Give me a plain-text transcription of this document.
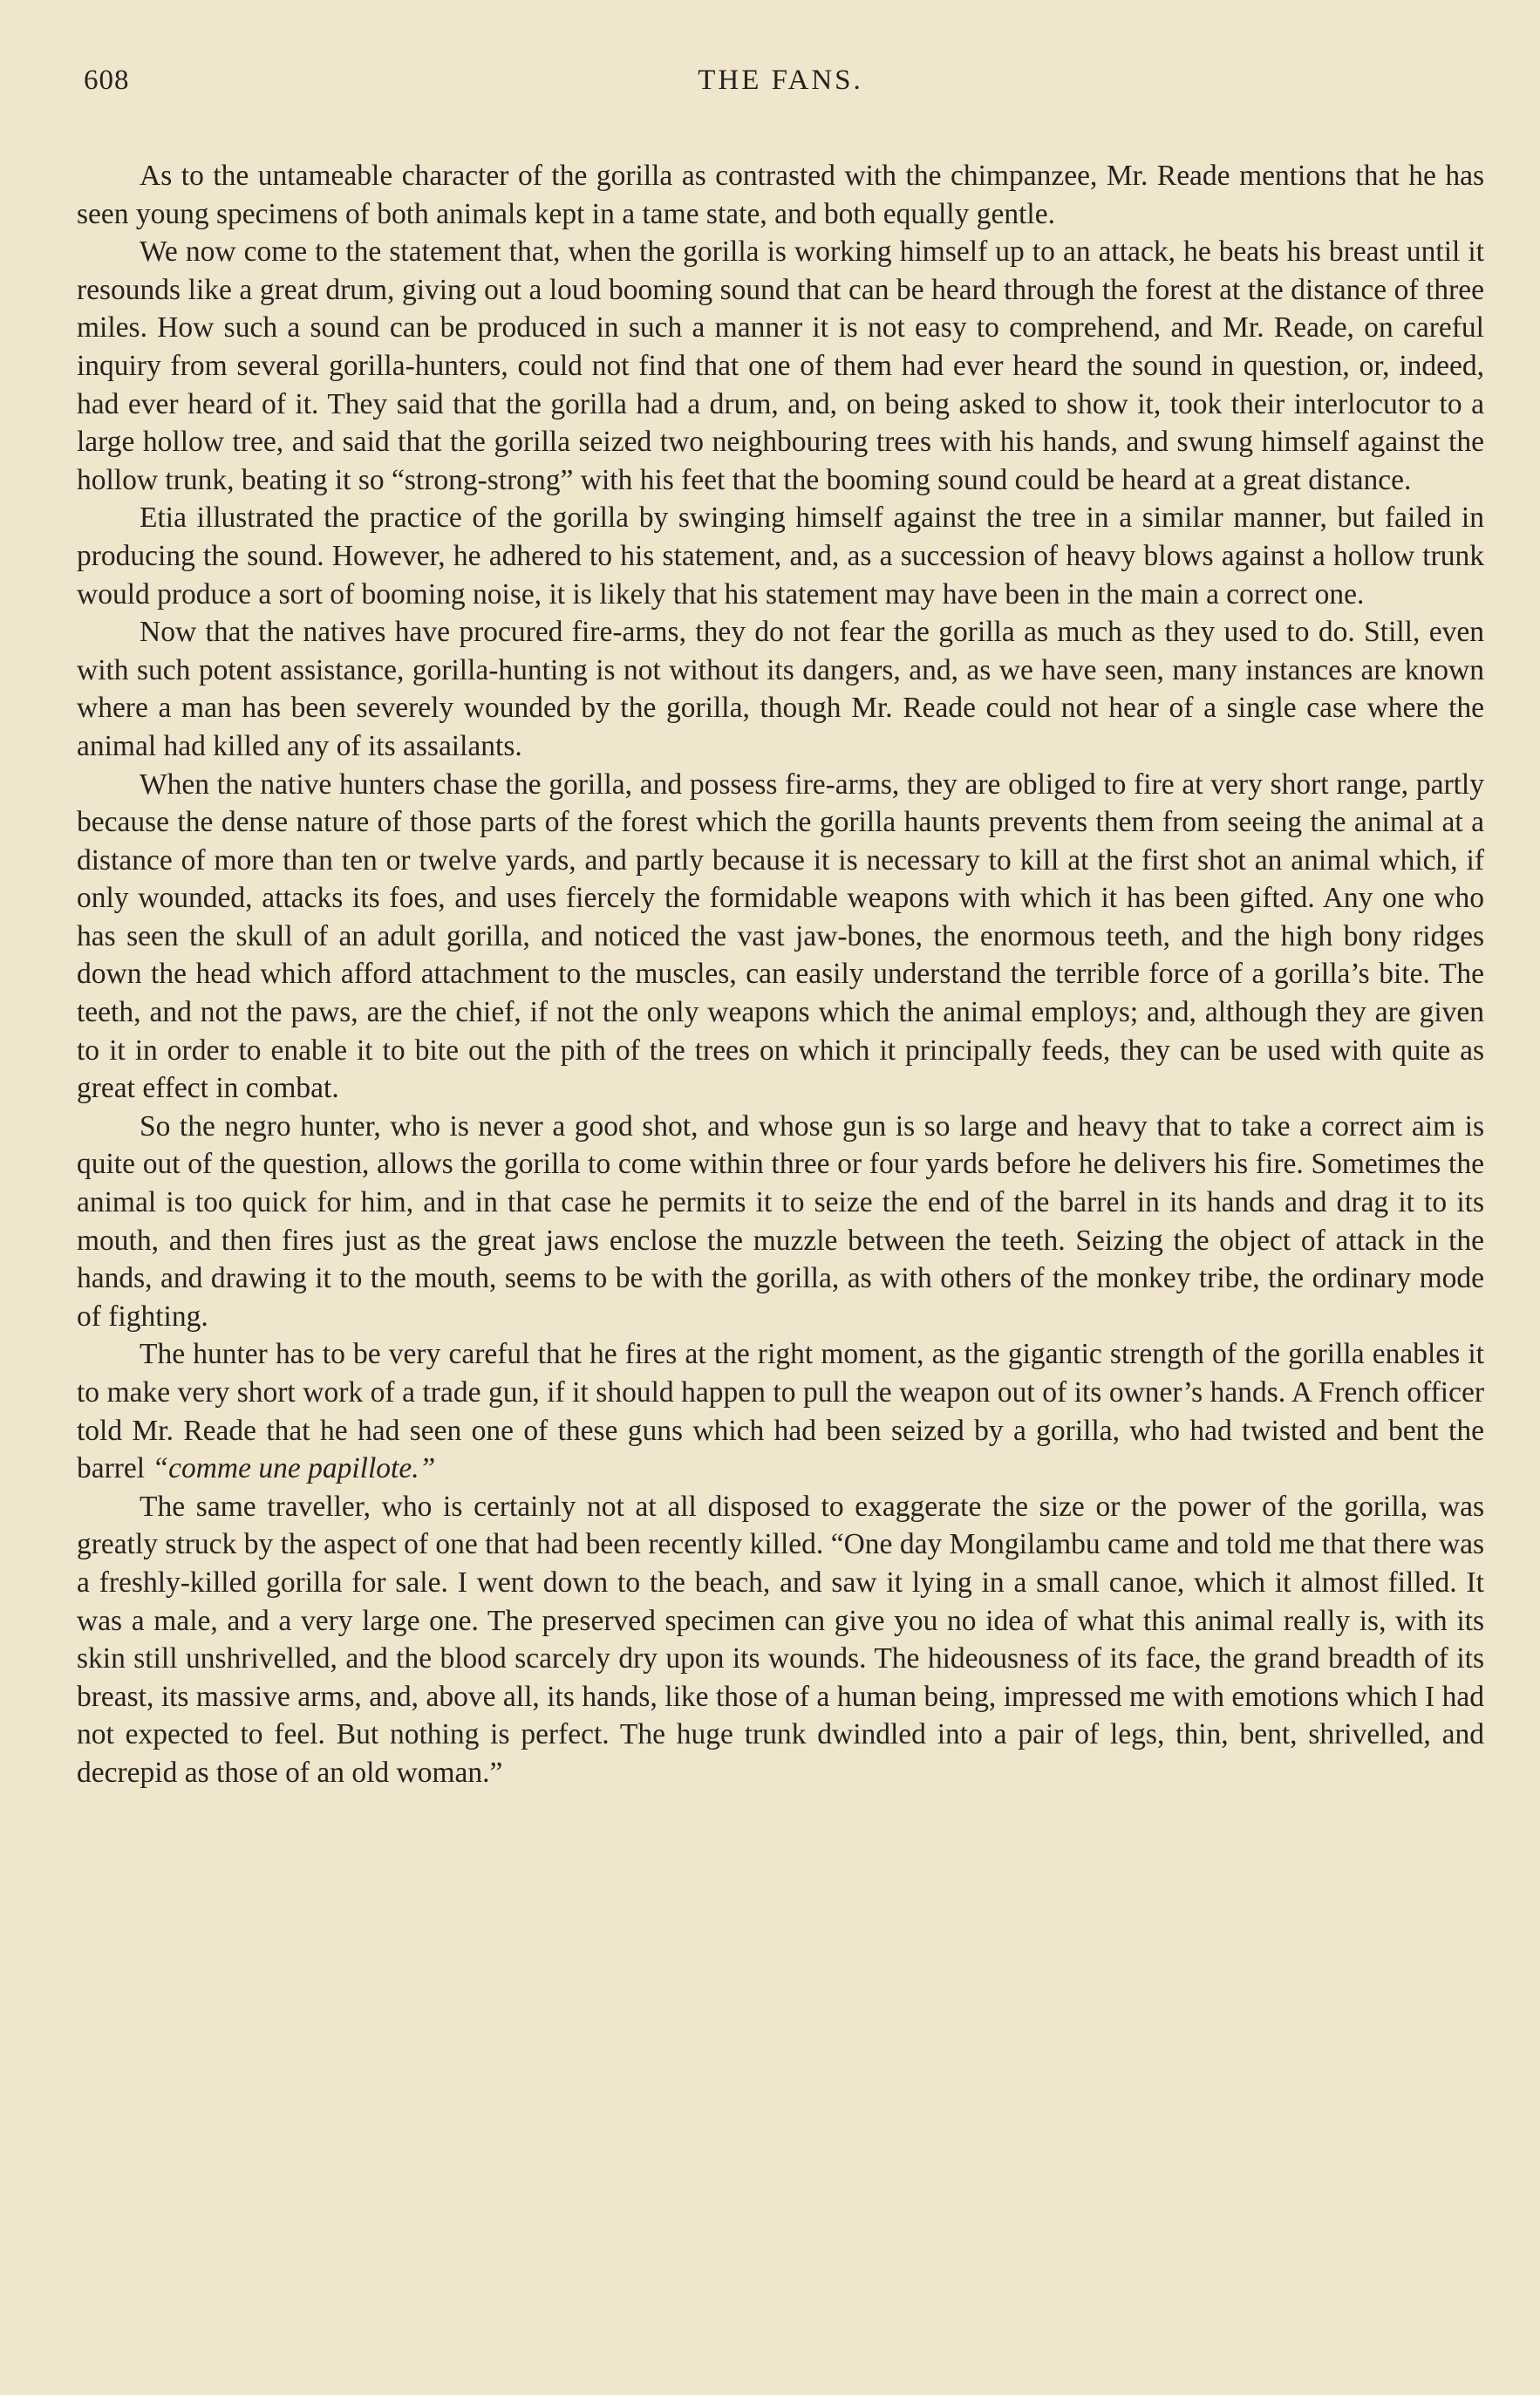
608	THE FANS.

As to the untameable character of the gorilla as contrasted with the chimpanzee, Mr. Reade mentions that he has seen young specimens of both animals kept in a tame state, and both equally gentle.

We now come to the statement that, when the gorilla is working himself up to an attack, he beats his breast until it resounds like a great drum, giving out a loud booming sound that can be heard through the forest at the distance of three miles. How such a sound can be produced in such a manner it is not easy to comprehend, and Mr. Reade, on careful inquiry from several gorilla-hunters, could not find that one of them had ever heard the sound in question, or, indeed, had ever heard of it. They said that the gorilla had a drum, and, on being asked to show it, took their interlocutor to a large hollow tree, and said that the gorilla seized two neighbouring trees with his hands, and swung himself against the hollow trunk, beating it so “strong-strong” with his feet that the booming sound could be heard at a great distance.

Etia illustrated the practice of the gorilla by swinging himself against the tree in a similar manner, but failed in producing the sound. However, he adhered to his statement, and, as a succession of heavy blows against a hollow trunk would produce a sort of booming noise, it is likely that his statement may have been in the main a correct one.

Now that the natives have procured fire-arms, they do not fear the gorilla as much as they used to do. Still, even with such potent assistance, gorilla-hunting is not without its dangers, and, as we have seen, many instances are known where a man has been severely wounded by the gorilla, though Mr. Reade could not hear of a single case where the animal had killed any of its assailants.

When the native hunters chase the gorilla, and possess fire-arms, they are obliged to fire at very short range, partly because the dense nature of those parts of the forest which the gorilla haunts prevents them from seeing the animal at a distance of more than ten or twelve yards, and partly because it is necessary to kill at the first shot an animal which, if only wounded, attacks its foes, and uses fiercely the formidable weapons with which it has been gifted. Any one who has seen the skull of an adult gorilla, and noticed the vast jaw-bones, the enormous teeth, and the high bony ridges down the head which afford attachment to the muscles, can easily understand the terrible force of a gorilla’s bite. The teeth, and not the paws, are the chief, if not the only weapons which the animal employs; and, although they are given to it in order to enable it to bite out the pith of the trees on which it principally feeds, they can be used with quite as great effect in combat.

So the negro hunter, who is never a good shot, and whose gun is so large and heavy that to take a correct aim is quite out of the question, allows the gorilla to come within three or four yards before he delivers his fire. Sometimes the animal is too quick for him, and in that case he permits it to seize the end of the barrel in its hands and drag it to its mouth, and then fires just as the great jaws enclose the muzzle between the teeth. Seizing the object of attack in the hands, and drawing it to the mouth, seems to be with the gorilla, as with others of the monkey tribe, the ordinary mode of fighting.

The hunter has to be very careful that he fires at the right moment, as the gigantic strength of the gorilla enables it to make very short work of a trade gun, if it should happen to pull the weapon out of its owner’s hands. A French officer told Mr. Reade that he had seen one of these guns which had been seized by a gorilla, who had twisted and bent the barrel “comme une papillote.”

The same traveller, who is certainly not at all disposed to exaggerate the size or the power of the gorilla, was greatly struck by the aspect of one that had been recently killed. “One day Mongilambu came and told me that there was a freshly-killed gorilla for sale. I went down to the beach, and saw it lying in a small canoe, which it almost filled. It was a male, and a very large one. The preserved specimen can give you no idea of what this animal really is, with its skin still unshrivelled, and the blood scarcely dry upon its wounds. The hideousness of its face, the grand breadth of its breast, its massive arms, and, above all, its hands, like those of a human being, impressed me with emotions which I had not expected to feel. But nothing is perfect. The huge trunk dwindled into a pair of legs, thin, bent, shrivelled, and decrepid as those of an old woman.”
